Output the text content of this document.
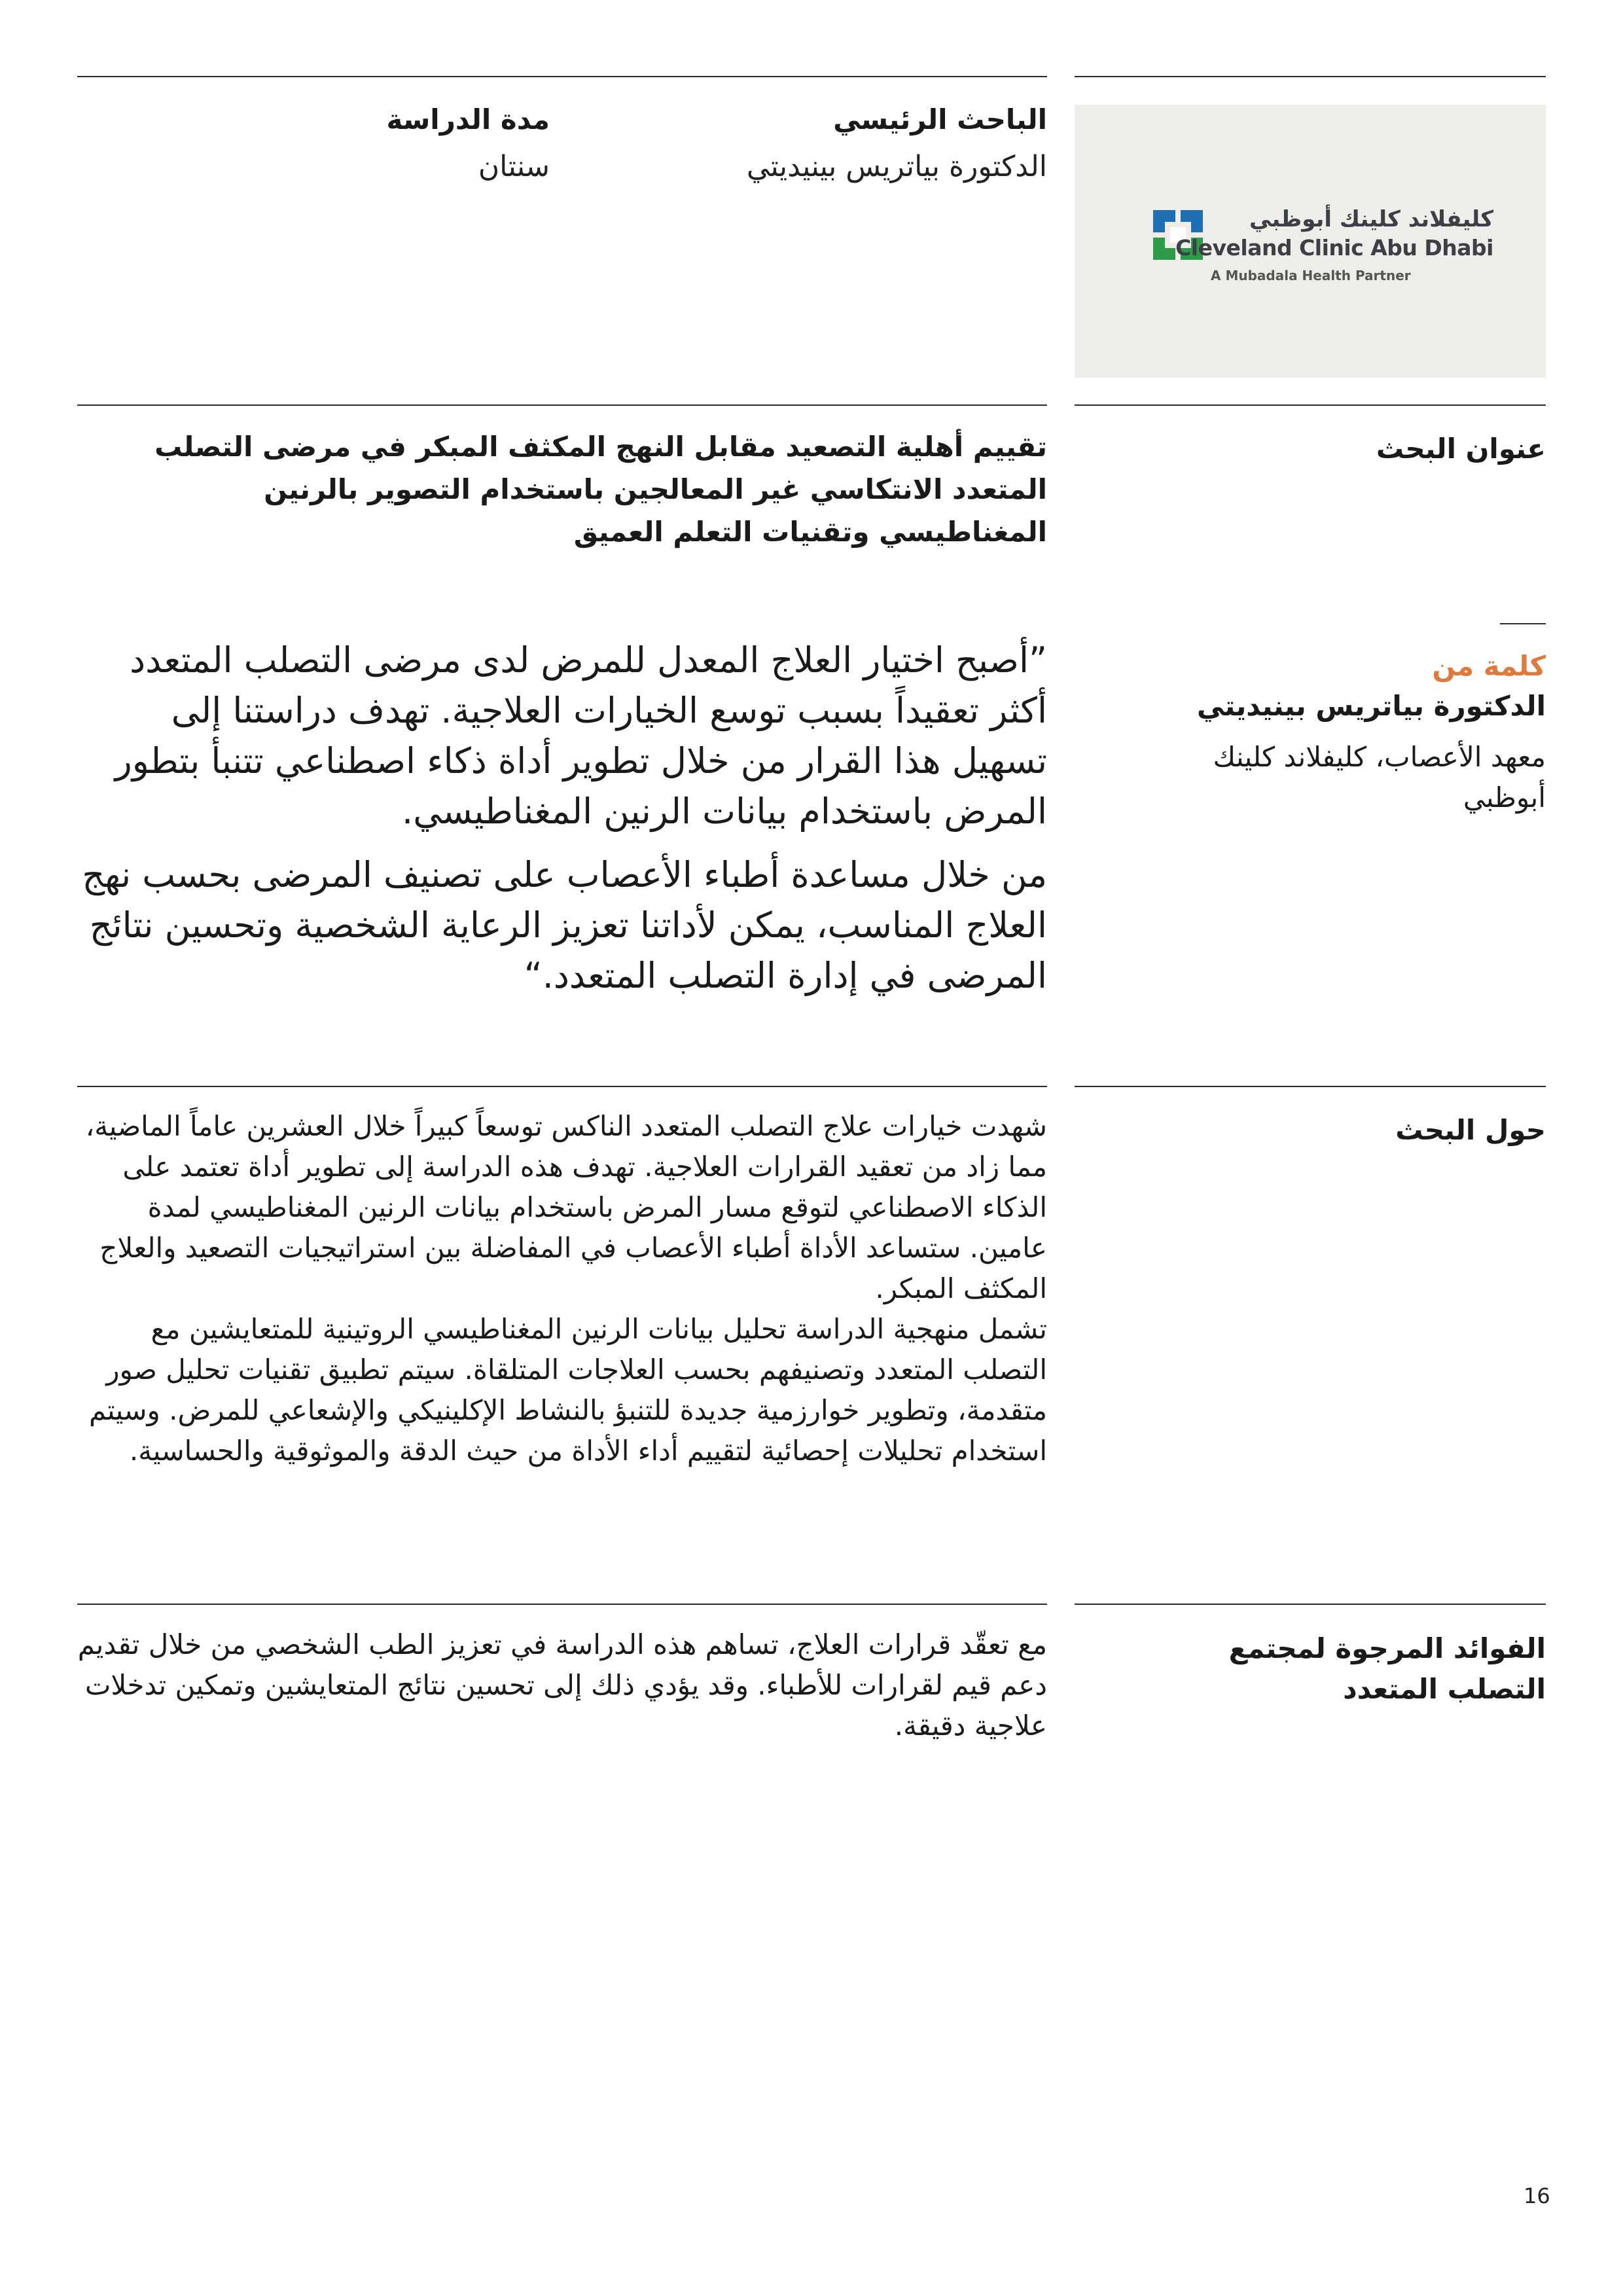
الباحث الرئيسي
الدكتورة بياتريس بينيديتي
مدة الدراسة
سنتان
كليفلاند كلينك أبوظبي
Cleveland Clinic Abu Dhabi
A Mubadala Health Partner
عنوان البحث
تقييم أهلية التصعيد مقابل النهج المكثف المبكر في مرضى التصلب المتعدد الانتكاسي غير المعالجين باستخدام التصوير بالرنين المغناطيسي وتقنيات التعلم العميق
كلمة من
الدكتورة بياتريس بينيديتي
معهد الأعصاب، كليفلاند كلينك أبوظبي

”أصبح اختيار العلاج المعدل للمرض لدى مرضى التصلب المتعدد أكثر تعقيداً بسبب توسع الخيارات العلاجية. تهدف دراستنا إلى تسهيل هذا القرار من خلال تطوير أداة ذكاء اصطناعي تتنبأ بتطور المرض باستخدام بيانات الرنين المغناطيسي.

من خلال مساعدة أطباء الأعصاب على تصنيف المرضى بحسب نهج العلاج المناسب، يمكن لأداتنا تعزيز الرعاية الشخصية وتحسين نتائج المرضى في إدارة التصلب المتعدد.“

حول البحث

شهدت خيارات علاج التصلب المتعدد الناكس توسعاً كبيراً خلال العشرين عاماً الماضية، مما زاد من تعقيد القرارات العلاجية. تهدف هذه الدراسة إلى تطوير أداة تعتمد على الذكاء الاصطناعي لتوقع مسار المرض باستخدام بيانات الرنين المغناطيسي لمدة عامين. ستساعد الأداة أطباء الأعصاب في المفاضلة بين استراتيجيات التصعيد والعلاج المكثف المبكر.

تشمل منهجية الدراسة تحليل بيانات الرنين المغناطيسي الروتينية للمتعايشين مع التصلب المتعدد وتصنيفهم بحسب العلاجات المتلقاة. سيتم تطبيق تقنيات تحليل صور متقدمة، وتطوير خوارزمية جديدة للتنبؤ بالنشاط الإكلينيكي والإشعاعي للمرض. وسيتم استخدام تحليلات إحصائية لتقييم أداء الأداة من حيث الدقة والموثوقية والحساسية.

الفوائد المرجوة لمجتمع التصلب المتعدد
مع تعقّد قرارات العلاج، تساهم هذه الدراسة في تعزيز الطب الشخصي من خلال تقديم دعم قيم لقرارات للأطباء. وقد يؤدي ذلك إلى تحسين نتائج المتعايشين وتمكين تدخلات علاجية دقيقة.
16
